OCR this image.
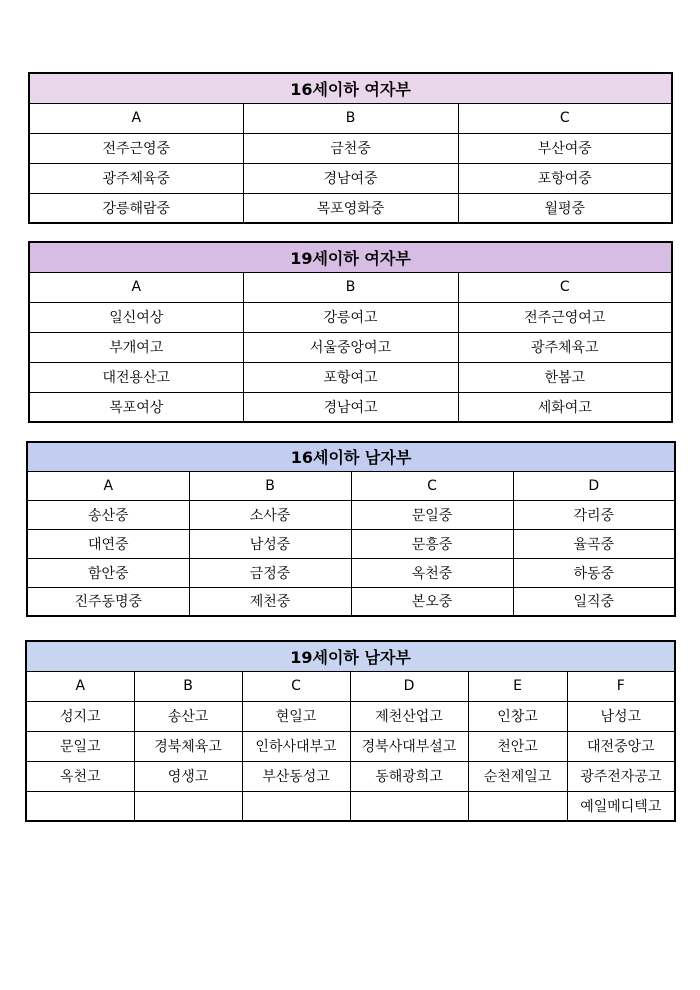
16세이하 여자부		
A	B	C
전주근영중	금천중	부산여중
광주체육중	경남여중	포항여중
강릉해람중	목포영화중	월평중
19세이하 여자부		
A	B	C
일신여상	강릉여고	전주근영여고
부개여고	서울중앙여고	광주체육고
대전용산고	포항여고	한봄고
목포여상	경남여고	세화여고
16세이하 남자부			
A	B	C	D
송산중	소사중	문일중	각리중
대연중	남성중	문흥중	율곡중
함안중	금정중	옥천중	하동중
진주동명중	제천중	본오중	일직중
19세이하 남자부					
A	B	C	D	E	F
성지고	송산고	현일고	제천산업고	인창고	남성고
문일고	경북체육고	인하사대부고	경북사대부설고	천안고	대전중앙고
옥천고	영생고	부산동성고	동해광희고	순천제일고	광주전자공고
					예일메디텍고
